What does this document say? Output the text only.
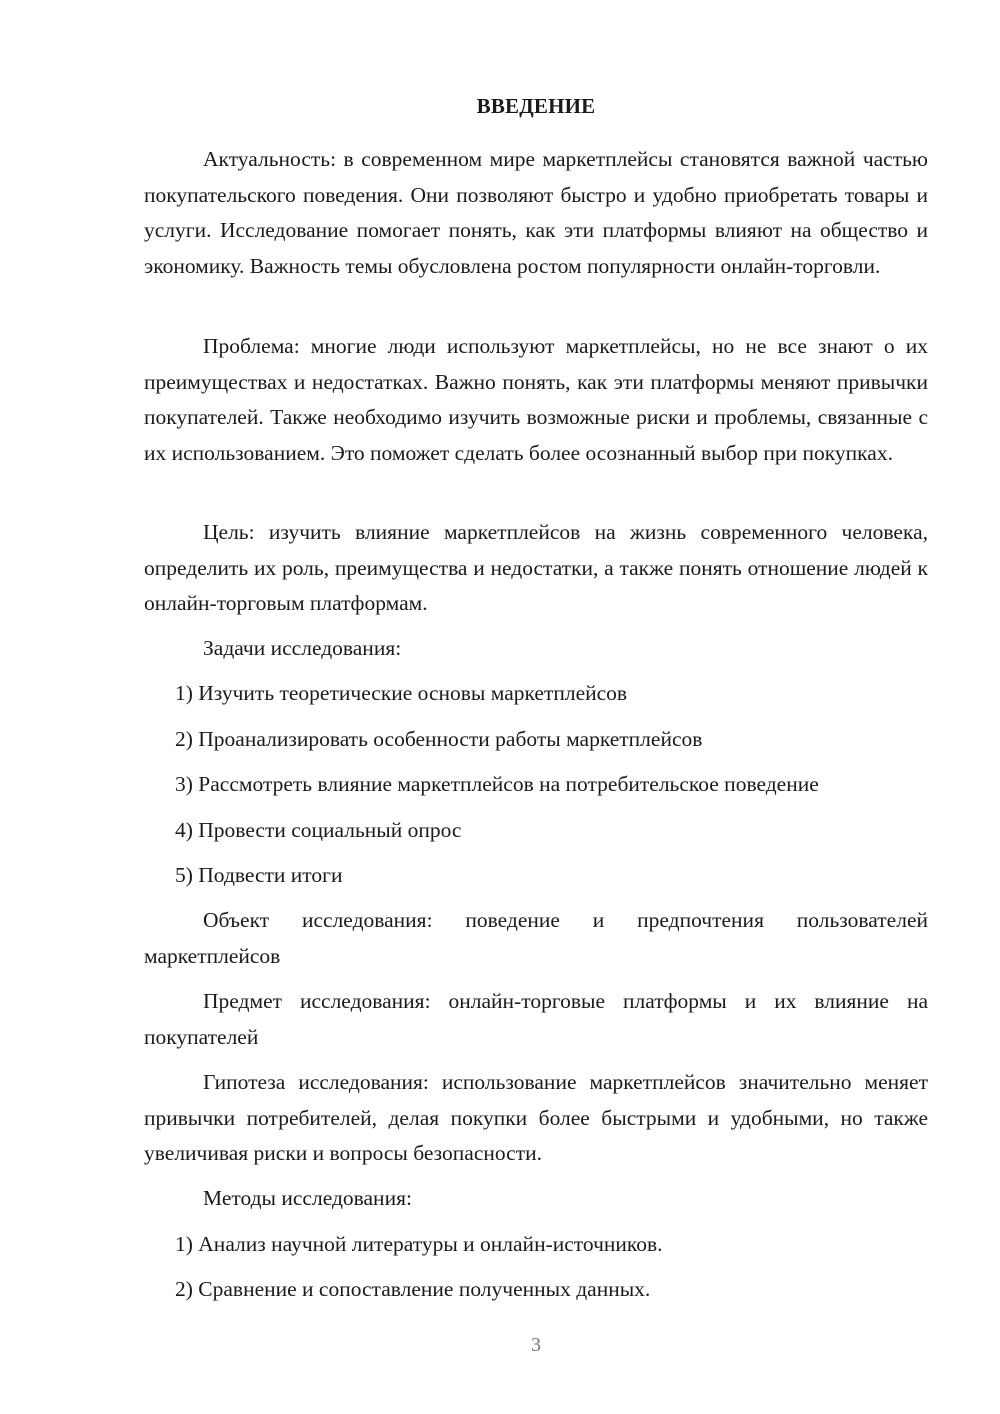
ВВЕДЕНИЕ

Актуальность: в современном мире маркетплейсы становятся важной частью покупательского поведения. Они позволяют быстро и удобно приобретать товары и услуги. Исследование помогает понять, как эти платформы влияют на общество и экономику. Важность темы обусловлена ростом популярности онлайн-торговли.

Проблема: многие люди используют маркетплейсы, но не все знают о их преимуществах и недостатках. Важно понять, как эти платформы меняют привычки покупателей. Также необходимо изучить возможные риски и проблемы, связанные с их использованием. Это поможет сделать более осознанный выбор при покупках.

Цель: изучить влияние маркетплейсов на жизнь современного человека, определить их роль, преимущества и недостатки, а также понять отношение людей к онлайн-торговым платформам.

Задачи исследования:

1) Изучить теоретические основы маркетплейсов

2) Проанализировать особенности работы маркетплейсов

3) Рассмотреть влияние маркетплейсов на потребительское поведение

4) Провести социальный опрос

5) Подвести итоги

Объект исследования: поведение и предпочтения пользователей маркетплейсов

Предмет исследования: онлайн-торговые платформы и их влияние на покупателей

Гипотеза исследования: использование маркетплейсов значительно меняет привычки потребителей, делая покупки более быстрыми и удобными, но также увеличивая риски и вопросы безопасности.

Методы исследования:

1) Анализ научной литературы и онлайн-источников.

2) Сравнение и сопоставление полученных данных.

3
